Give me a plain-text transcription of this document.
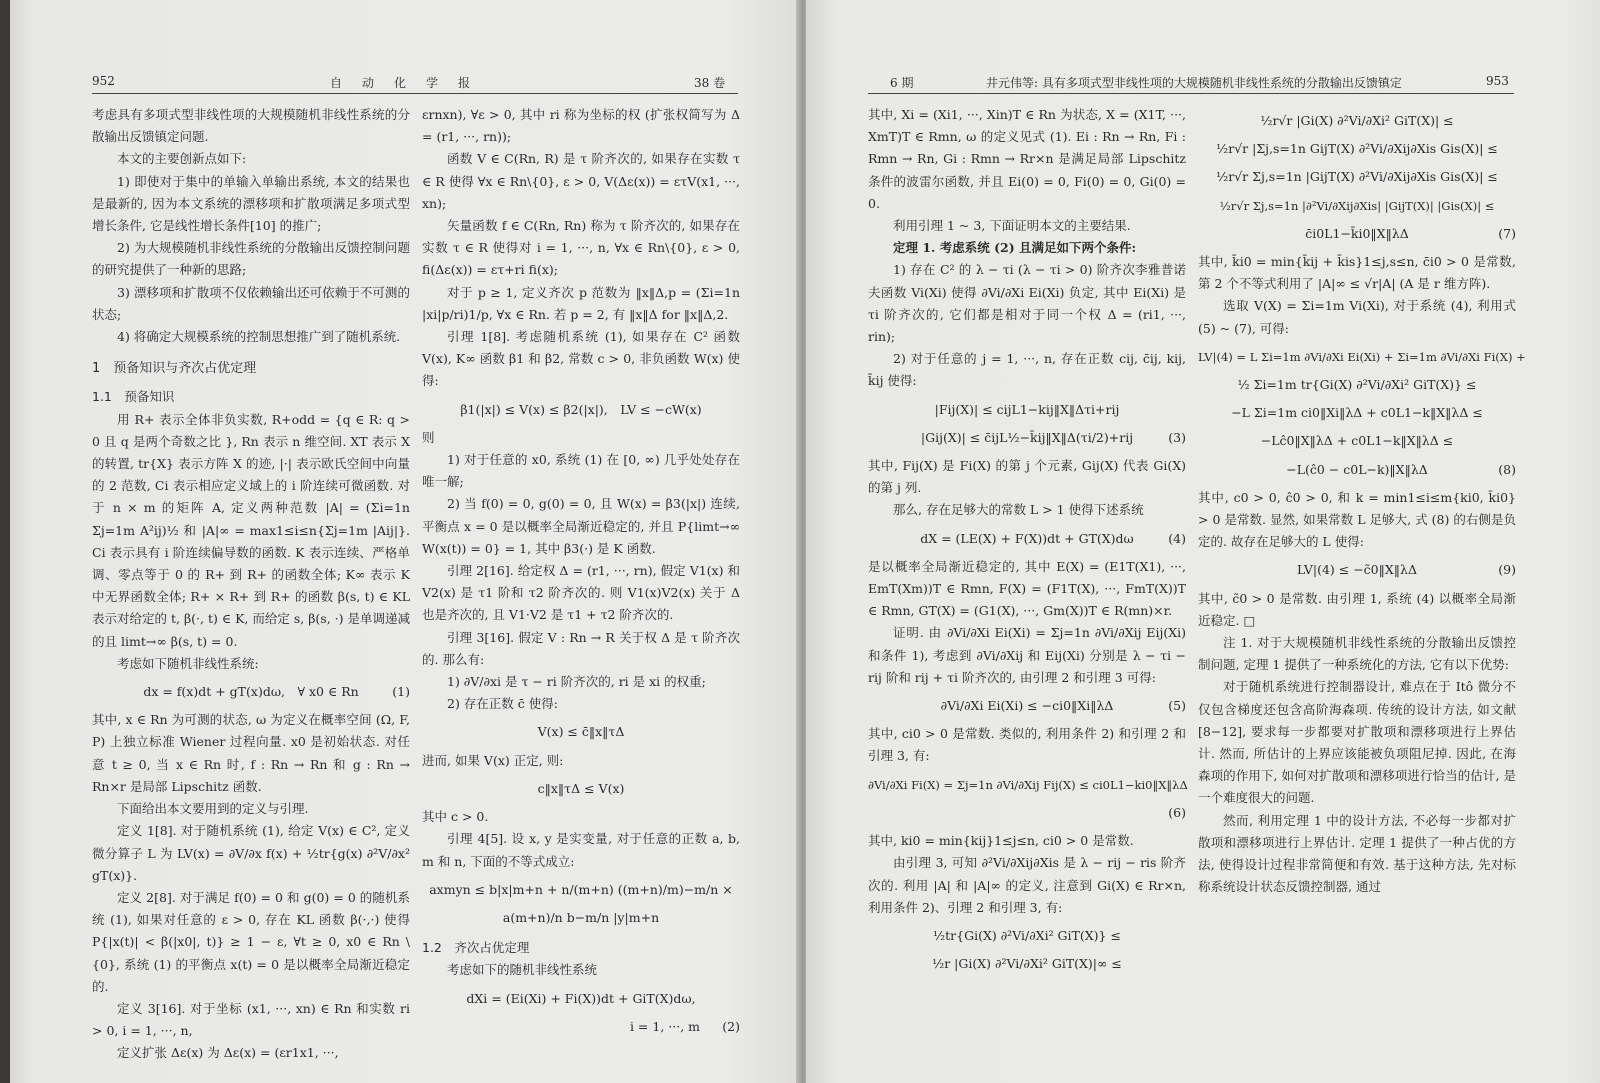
952	自　动　化　学　报	38 卷

考虑具有多项式型非线性项的大规模随机非线性系统的分散输出反馈镇定问题.

本文的主要创新点如下:

1) 即使对于集中的单输入单输出系统, 本文的结果也是最新的, 因为本文系统的漂移项和扩散项满足多项式型增长条件, 它是线性增长条件[10] 的推广;

2) 为大规模随机非线性系统的分散输出反馈控制问题的研究提供了一种新的思路;

3) 漂移项和扩散项不仅依赖输出还可依赖于不可测的状态;

4) 将确定大规模系统的控制思想推广到了随机系统.

1　预备知识与齐次占优定理

1.1　预备知识

用 R+ 表示全体非负实数, R+odd = {q ∈ R: q > 0 且 q 是两个奇数之比 }, Rn 表示 n 维空间. XT 表示 X 的转置, tr{X} 表示方阵 X 的迹, |·| 表示欧氏空间中向量的 2 范数, Ci 表示相应定义域上的 i 阶连续可微函数. 对于 n × m 的矩阵 A, 定义两种范数 |A| = (Σi=1n Σj=1m A²ij)½ 和 |A|∞ = max1≤i≤n{Σj=1m |Aij|}. Ci 表示具有 i 阶连续偏导数的函数. K 表示连续、严格单调、零点等于 0 的 R+ 到 R+ 的函数全体; K∞ 表示 K 中无界函数全体; R+ × R+ 到 R+ 的函数 β(s, t) ∈ KL 表示对给定的 t, β(·, t) ∈ K, 而给定 s, β(s, ·) 是单调递减的且 limt→∞ β(s, t) = 0.

考虑如下随机非线性系统:

dx = f(x)dt + gT(x)dω,　∀ x0 ∈ Rn	(1)

其中, x ∈ Rn 为可测的状态, ω 为定义在概率空间 (Ω, F, P) 上独立标准 Wiener 过程向量. x0 是初始状态. 对任意 t ≥ 0, 当 x ∈ Rn 时, f : Rn → Rn 和 g : Rn → Rn×r 是局部 Lipschitz 函数.

下面给出本文要用到的定义与引理.

定义 1[8]. 对于随机系统 (1), 给定 V(x) ∈ C², 定义微分算子 L 为 LV(x) = ∂V/∂x f(x) + ½tr{g(x) ∂²V/∂x² gT(x)}.

定义 2[8]. 对于满足 f(0) = 0 和 g(0) = 0 的随机系统 (1), 如果对任意的 ε > 0, 存在 KL 函数 β(·,·) 使得 P{|x(t)| < β(|x0|, t)} ≥ 1 − ε, ∀t ≥ 0, x0 ∈ Rn \ {0}, 系统 (1) 的平衡点 x(t) = 0 是以概率全局渐近稳定的.

定义 3[16]. 对于坐标 (x1, ···, xn) ∈ Rn 和实数 ri > 0, i = 1, ···, n,

定义扩张 Δε(x) 为 Δε(x) = (εr1x1, ···,

εrnxn), ∀ε > 0, 其中 ri 称为坐标的权 (扩张权简写为 Δ = (r1, ···, rn));

函数 V ∈ C(Rn, R) 是 τ 阶齐次的, 如果存在实数 τ ∈ R 使得 ∀x ∈ Rn\{0}, ε > 0, V(Δε(x)) = ετV(x1, ···, xn);

矢量函数 f ∈ C(Rn, Rn) 称为 τ 阶齐次的, 如果存在实数 τ ∈ R 使得对 i = 1, ···, n, ∀x ∈ Rn\{0}, ε > 0, fi(Δε(x)) = ετ+ri fi(x);

对于 p ≥ 1, 定义齐次 p 范数为 ‖x‖Δ,p = (Σi=1n |xi|p/ri)1/p, ∀x ∈ Rn. 若 p = 2, 有 ‖x‖Δ for ‖x‖Δ,2.

引理 1[8]. 考虑随机系统 (1), 如果存在 C² 函数 V(x), K∞ 函数 β1 和 β2, 常数 c > 0, 非负函数 W(x) 使得:

β1(|x|) ≤ V(x) ≤ β2(|x|),　LV ≤ −cW(x)

则

1) 对于任意的 x0, 系统 (1) 在 [0, ∞) 几乎处处存在唯一解;

2) 当 f(0) = 0, g(0) = 0, 且 W(x) = β3(|x|) 连续, 平衡点 x = 0 是以概率全局渐近稳定的, 并且 P{limt→∞ W(x(t)) = 0} = 1, 其中 β3(·) 是 K 函数.

引理 2[16]. 给定权 Δ = (r1, ···, rn), 假定 V1(x) 和 V2(x) 是 τ1 阶和 τ2 阶齐次的. 则 V1(x)V2(x) 关于 Δ 也是齐次的, 且 V1·V2 是 τ1 + τ2 阶齐次的.

引理 3[16]. 假定 V : Rn → R 关于权 Δ 是 τ 阶齐次的. 那么有:

1) ∂V/∂xi 是 τ − ri 阶齐次的, ri 是 xi 的权重;

2) 存在正数 c̄ 使得:

V(x) ≤ c̄‖x‖τΔ

进而, 如果 V(x) 正定, 则:

c‖x‖τΔ ≤ V(x)

其中 c > 0.

引理 4[5]. 设 x, y 是实变量, 对于任意的正数 a, b, m 和 n, 下面的不等式成立:

axmyn ≤ b|x|m+n + n/(m+n) ((m+n)/m)−m/n ×
a(m+n)/n b−m/n |y|m+n

1.2　齐次占优定理

考虑如下的随机非线性系统

dXi = (Ei(Xi) + Fi(X))dt + GiT(X)dω,
i = 1, ···, m (2)
6 期	井元伟等: 具有多项式型非线性项的大规模随机非线性系统的分散输出反馈镇定	953

其中, Xi = (Xi1, ···, Xin)T ∈ Rn 为状态, X = (X1T, ···, XmT)T ∈ Rmn, ω 的定义见式 (1). Ei : Rn → Rn, Fi : Rmn → Rn, Gi : Rmn → Rr×n 是满足局部 Lipschitz 条件的波雷尔函数, 并且 Ei(0) = 0, Fi(0) = 0, Gi(0) = 0.

利用引理 1 ~ 3, 下面证明本文的主要结果.

定理 1. 考虑系统 (2) 且满足如下两个条件:

1) 存在 C² 的 λ − τi (λ − τi > 0) 阶齐次李雅普诺夫函数 Vi(Xi) 使得 ∂Vi/∂Xi Ei(Xi) 负定, 其中 Ei(Xi) 是 τi 阶齐次的, 它们都是相对于同一个权 Δ = (ri1, ···, rin);

2) 对于任意的 j = 1, ···, n, 存在正数 cij, c̄ij, kij, k̄ij 使得:

|Fij(X)| ≤ cijL1−kij‖X‖Δτi+rij
|Gij(X)| ≤ c̄ijL½−k̄ij‖X‖Δ(τi/2)+rij	(3)

其中, Fij(X) 是 Fi(X) 的第 j 个元素, Gij(X) 代表 Gi(X) 的第 j 列.

那么, 存在足够大的常数 L > 1 使得下述系统

dX = (LE(X) + F(X))dt + GT(X)dω	(4)

是以概率全局渐近稳定的, 其中 E(X) = (E1T(X1), ···, EmT(Xm))T ∈ Rmn, F(X) = (F1T(X), ···, FmT(X))T ∈ Rmn, GT(X) = (G1(X), ···, Gm(X))T ∈ R(mn)×r.

证明. 由 ∂Vi/∂Xi Ei(Xi) = Σj=1n ∂Vi/∂Xij Eij(Xi) 和条件 1), 考虑到 ∂Vi/∂Xij 和 Eij(Xi) 分别是 λ − τi − rij 阶和 rij + τi 阶齐次的, 由引理 2 和引理 3 可得:

∂Vi/∂Xi Ei(Xi) ≤ −ci0‖Xi‖λΔ	(5)

其中, ci0 > 0 是常数. 类似的, 利用条件 2) 和引理 2 和引理 3, 有:

∂Vi/∂Xi Fi(X) = Σj=1n ∂Vi/∂Xij Fij(X) ≤ ci0L1−ki0‖X‖λΔ
(6)

其中, ki0 = min{kij}1≤j≤n, ci0 > 0 是常数.

由引理 3, 可知 ∂²Vi/∂Xij∂Xis 是 λ − rij − ris 阶齐次的. 利用 |A| 和 |A|∞ 的定义, 注意到 Gi(X) ∈ Rr×n, 利用条件 2)、引理 2 和引理 3, 有:

½tr{Gi(X) ∂²Vi/∂Xi² GiT(X)} ≤
½r |Gi(X) ∂²Vi/∂Xi² GiT(X)|∞ ≤
½r√r |Gi(X) ∂²Vi/∂Xi² GiT(X)| ≤
½r√r |Σj,s=1n GijT(X) ∂²Vi/∂Xij∂Xis Gis(X)| ≤
½r√r Σj,s=1n |GijT(X) ∂²Vi/∂Xij∂Xis Gis(X)| ≤
½r√r Σj,s=1n |∂²Vi/∂Xij∂Xis| |GijT(X)| |Gis(X)| ≤
c̄i0L1−k̄i0‖X‖λΔ	(7)

其中, k̄i0 = min{k̄ij + k̄is}1≤j,s≤n, c̄i0 > 0 是常数, 第 2 个不等式利用了 |A|∞ ≤ √r|A| (A 是 r 维方阵).

选取 V(X) = Σi=1m Vi(Xi), 对于系统 (4), 利用式 (5) ~ (7), 可得:

LV|(4) = L Σi=1m ∂Vi/∂Xi Ei(Xi) + Σi=1m ∂Vi/∂Xi Fi(X) +
½ Σi=1m tr{Gi(X) ∂²Vi/∂Xi² GiT(X)} ≤
−L Σi=1m ci0‖Xi‖λΔ + c0L1−k‖X‖λΔ ≤
−Lĉ0‖X‖λΔ + c0L1−k‖X‖λΔ ≤
−L(ĉ0 − c0L−k)‖X‖λΔ	(8)

其中, c0 > 0, ĉ0 > 0, 和 k = min1≤i≤m{ki0, k̄i0} > 0 是常数. 显然, 如果常数 L 足够大, 式 (8) 的右侧是负定的. 故存在足够大的 L 使得:

LV|(4) ≤ −c̃0‖X‖λΔ	(9)

其中, c̃0 > 0 是常数. 由引理 1, 系统 (4) 以概率全局渐近稳定. □

注 1. 对于大规模随机非线性系统的分散输出反馈控制问题, 定理 1 提供了一种系统化的方法, 它有以下优势:

对于随机系统进行控制器设计, 难点在于 Itô 微分不仅包含梯度还包含高阶海森项. 传统的设计方法, 如文献 [8−12], 要求每一步都要对扩散项和漂移项进行上界估计. 然而, 所估计的上界应该能被负项阻尼掉. 因此, 在海森项的作用下, 如何对扩散项和漂移项进行恰当的估计, 是一个难度很大的问题.

然而, 利用定理 1 中的设计方法, 不必每一步都对扩散项和漂移项进行上界估计. 定理 1 提供了一种占优的方法, 使得设计过程非常简便和有效. 基于这种方法, 先对标称系统设计状态反馈控制器, 通过
